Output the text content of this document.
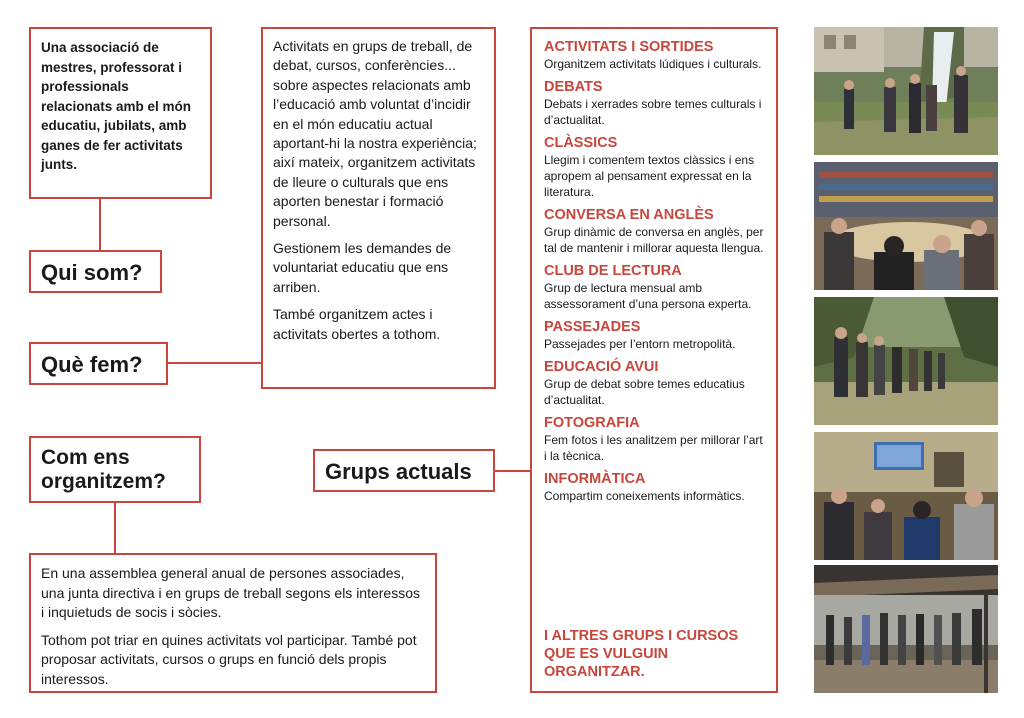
Una associació de mestres, professorat i professionals relacionats amb el món educatiu, jubilats, amb ganes de fer activitats junts.
Qui som?
Què fem?

Activitats en grups de treball, de debat, cursos, conferències... sobre aspectes relacionats amb l’educació amb voluntat d’incidir en el món educatiu actual aportant-hi la nostra experiència; així mateix, organitzem activitats de lleure o culturals que ens aporten benestar i formació personal.

Gestionem les demandes de voluntariat educatiu que ens arriben.

També organitzem actes i activitats obertes a tothom.

Com ens organitzem?

En una assemblea general anual de persones associades, una junta directiva i en grups de treball segons els interessos i inquietuds de socis i sòcies.

Tothom pot triar en quines activitats vol participar. També pot proposar activitats, cursos o grups en funció dels propis interessos.

Grups actuals

ACTIVITATS I SORTIDES

Organitzem activitats lúdiques i culturals.

DEBATS

Debats i xerrades sobre temes culturals i d’actualitat.

CLÀSSICS

Llegim i comentem textos clàssics i ens apropem al pensament expressat en la literatura.

CONVERSA EN ANGLÈS

Grup dinàmic de conversa en anglès, per tal de mantenir i millorar aquesta llengua.

CLUB DE LECTURA

Grup de lectura mensual amb assessorament d’una persona experta.

PASSEJADES

Passejades per l’entorn metropolità.

EDUCACIÓ AVUI

Grup de debat sobre temes educatius d’actualitat.

FOTOGRAFIA

Fem fotos i les analitzem per millorar l’art i la tècnica.

INFORMÀTICA

Compartim coneixements informàtics.

I ALTRES GRUPS I CURSOS QUE ES VULGUIN ORGANITZAR.
